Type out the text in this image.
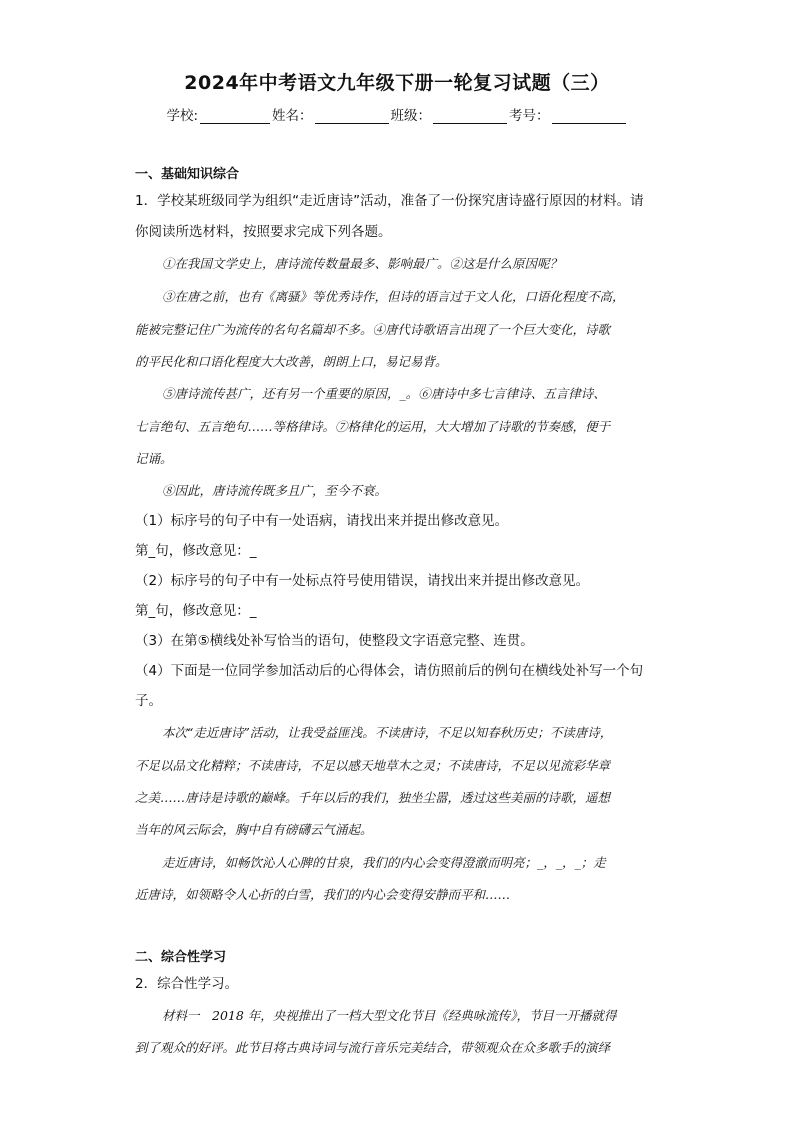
2024年中考语文九年级下册一轮复习试题（三）
学校:	姓名：	班级：	考号：
一、基础知识综合
1．学校某班级同学为组织“走近唐诗”活动，准备了一份探究唐诗盛行原因的材料。请
你阅读所选材料，按照要求完成下列各题。
①在我国文学史上，唐诗流传数量最多、影响最广。②这是什么原因呢？
③在唐之前，也有《离骚》等优秀诗作，但诗的语言过于文人化，口语化程度不高，
能被完整记住广为流传的名句名篇却不多。④唐代诗歌语言出现了一个巨大变化，诗歌
的平民化和口语化程度大大改善，朗朗上口，易记易背。
⑤唐诗流传甚广，还有另一个重要的原因，_。⑥唐诗中多七言律诗、五言律诗、
七言绝句、五言绝句……等格律诗。⑦格律化的运用，大大增加了诗歌的节奏感，便于
记诵。
⑧因此，唐诗流传既多且广，至今不衰。
（1）标序号的句子中有一处语病，请找出来并提出修改意见。
第_句，修改意见：_
（2）标序号的句子中有一处标点符号使用错误，请找出来并提出修改意见。
第_句，修改意见：_
（3）在第⑤横线处补写恰当的语句，使整段文字语意完整、连贯。
（4）下面是一位同学参加活动后的心得体会，请仿照前后的例句在横线处补写一个句
子。
本次“走近唐诗”活动，让我受益匪浅。不读唐诗，不足以知春秋历史；不读唐诗，
不足以品文化精粹；不读唐诗，不足以感天地草木之灵；不读唐诗，不足以见流彩华章
之美……唐诗是诗歌的巅峰。千年以后的我们，独坐尘嚣，透过这些美丽的诗歌，遥想
当年的风云际会，胸中自有磅礴云气涌起。
走近唐诗，如畅饮沁人心脾的甘泉，我们的内心会变得澄澈而明亮；_，_，_；走
近唐诗，如领略令人心折的白雪，我们的内心会变得安静而平和……
二、综合性学习
2．综合性学习。
材料一　2018 年，央视推出了一档大型文化节目《经典咏流传》，节目一开播就得
到了观众的好评。此节目将古典诗词与流行音乐完美结合，带领观众在众多歌手的演绎
